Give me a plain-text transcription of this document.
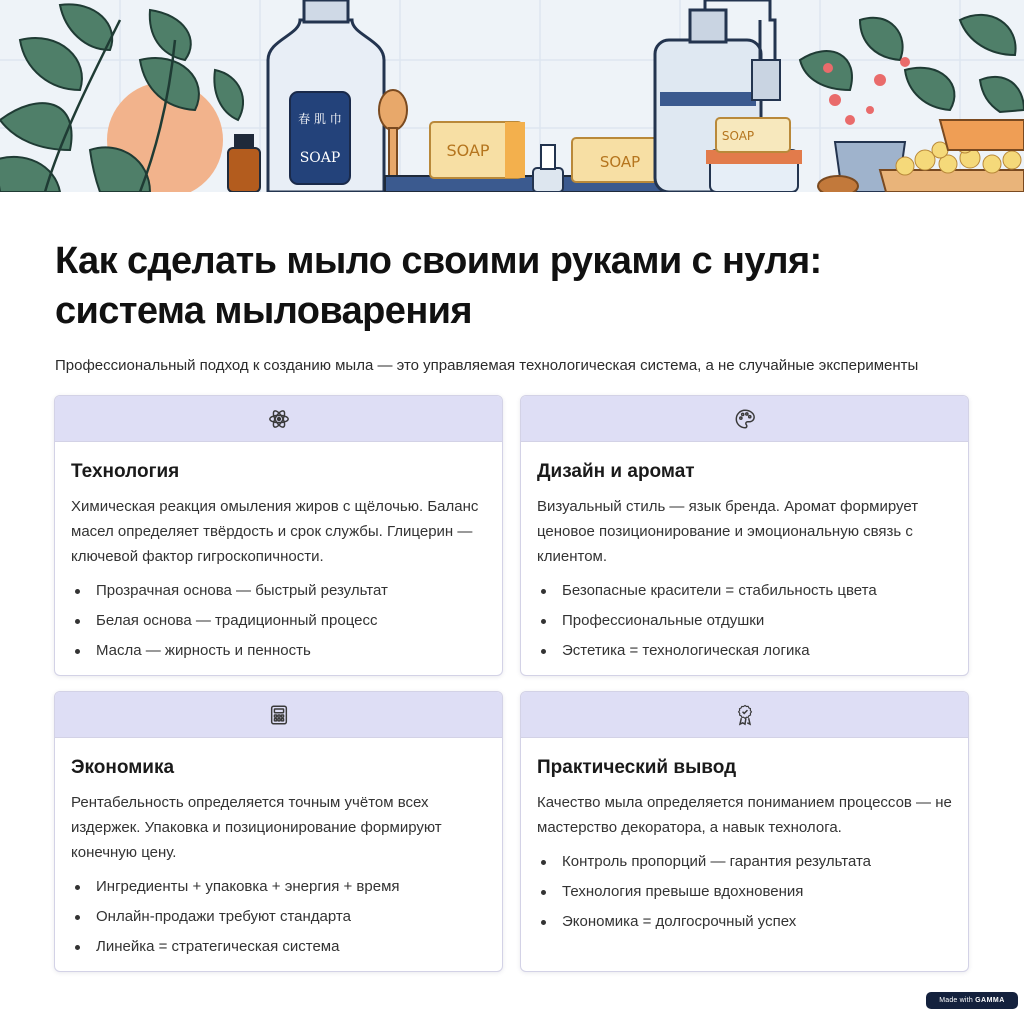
春 肌 巾
SOAP	SOAP
SOAP
SOAP
Как сделать мыло своими руками с нуля:
система мыловарения

Профессиональный подход к созданию мыла — это управляемая технологическая система, а не случайные эксперименты

Технология

Химическая реакция омыления жиров с щёлочью. Баланс масел определяет твёрдость и срок службы. Глицерин — ключевой фактор гигроскопичности.

Прозрачная основа — быстрый результат
Белая основа — традиционный процесс
Масла — жирность и пенность
Дизайн и аромат

Визуальный стиль — язык бренда. Аромат формирует ценовое позиционирование и эмоциональную связь с клиентом.

Безопасные красители = стабильность цвета
Профессиональные отдушки
Эстетика = технологическая логика
Экономика

Рентабельность определяется точным учётом всех издержек. Упаковка и позиционирование формируют конечную цену.

Ингредиенты + упаковка + энергия + время
Онлайн-продажи требуют стандарта
Линейка = стратегическая система
Практический вывод

Качество мыла определяется пониманием процессов — не мастерство декоратора, а навык технолога.

Контроль пропорций — гарантия результата
Технология превыше вдохновения
Экономика = долгосрочный успех
Made with GAMMA
